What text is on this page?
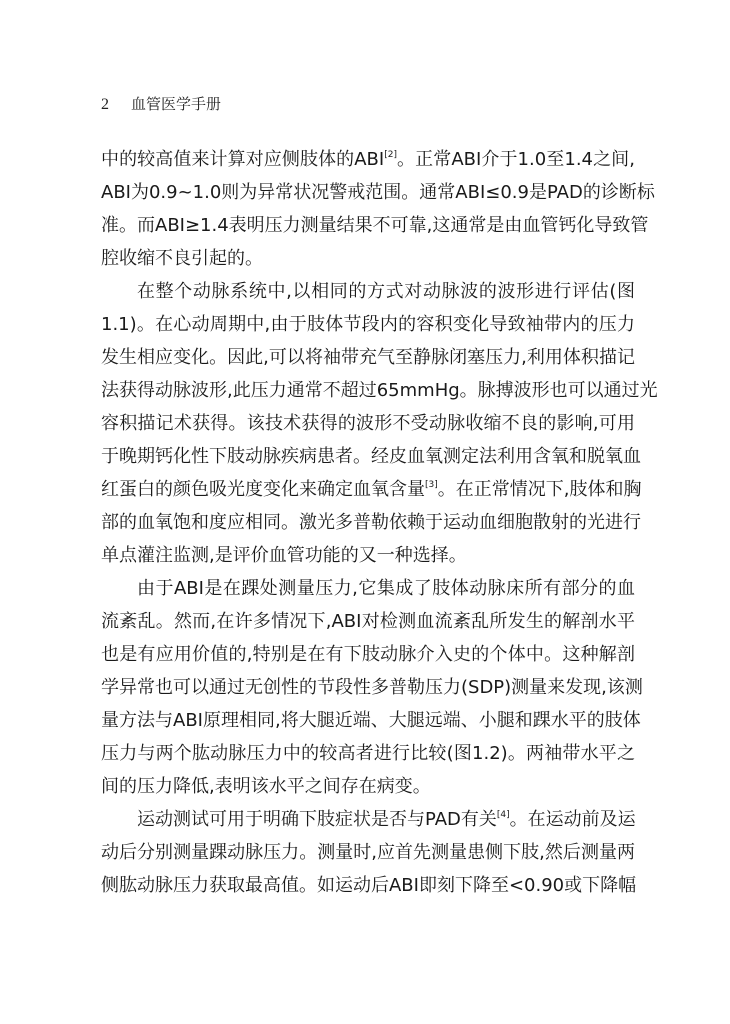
2 血管医学手册
中的较高值来计算对应侧肢体的ABI[2]。正常ABI介于1.0至1.4之间,
ABI为0.9~1.0则为异常状况警戒范围。通常ABI≤0.9是PAD的诊断标
准。而ABI≥1.4表明压力测量结果不可靠,这通常是由血管钙化导致管
腔收缩不良引起的。
在整个动脉系统中,以相同的方式对动脉波的波形进行评估(图
1.1)。在心动周期中,由于肢体节段内的容积变化导致袖带内的压力
发生相应变化。因此,可以将袖带充气至静脉闭塞压力,利用体积描记
法获得动脉波形,此压力通常不超过65mmHg。脉搏波形也可以通过光
容积描记术获得。该技术获得的波形不受动脉收缩不良的影响,可用
于晚期钙化性下肢动脉疾病患者。经皮血氧测定法利用含氧和脱氧血
红蛋白的颜色吸光度变化来确定血氧含量[3]。在正常情况下,肢体和胸
部的血氧饱和度应相同。激光多普勒依赖于运动血细胞散射的光进行
单点灌注监测,是评价血管功能的又一种选择。
由于ABI是在踝处测量压力,它集成了肢体动脉床所有部分的血
流紊乱。然而,在许多情况下,ABI对检测血流紊乱所发生的解剖水平
也是有应用价值的,特别是在有下肢动脉介入史的个体中。这种解剖
学异常也可以通过无创性的节段性多普勒压力(SDP)测量来发现,该测
量方法与ABI原理相同,将大腿近端、大腿远端、小腿和踝水平的肢体
压力与两个肱动脉压力中的较高者进行比较(图1.2)。两袖带水平之
间的压力降低,表明该水平之间存在病变。
运动测试可用于明确下肢症状是否与PAD有关[4]。在运动前及运
动后分别测量踝动脉压力。测量时,应首先测量患侧下肢,然后测量两
侧肱动脉压力获取最高值。如运动后ABI即刻下降至<0.90或下降幅
